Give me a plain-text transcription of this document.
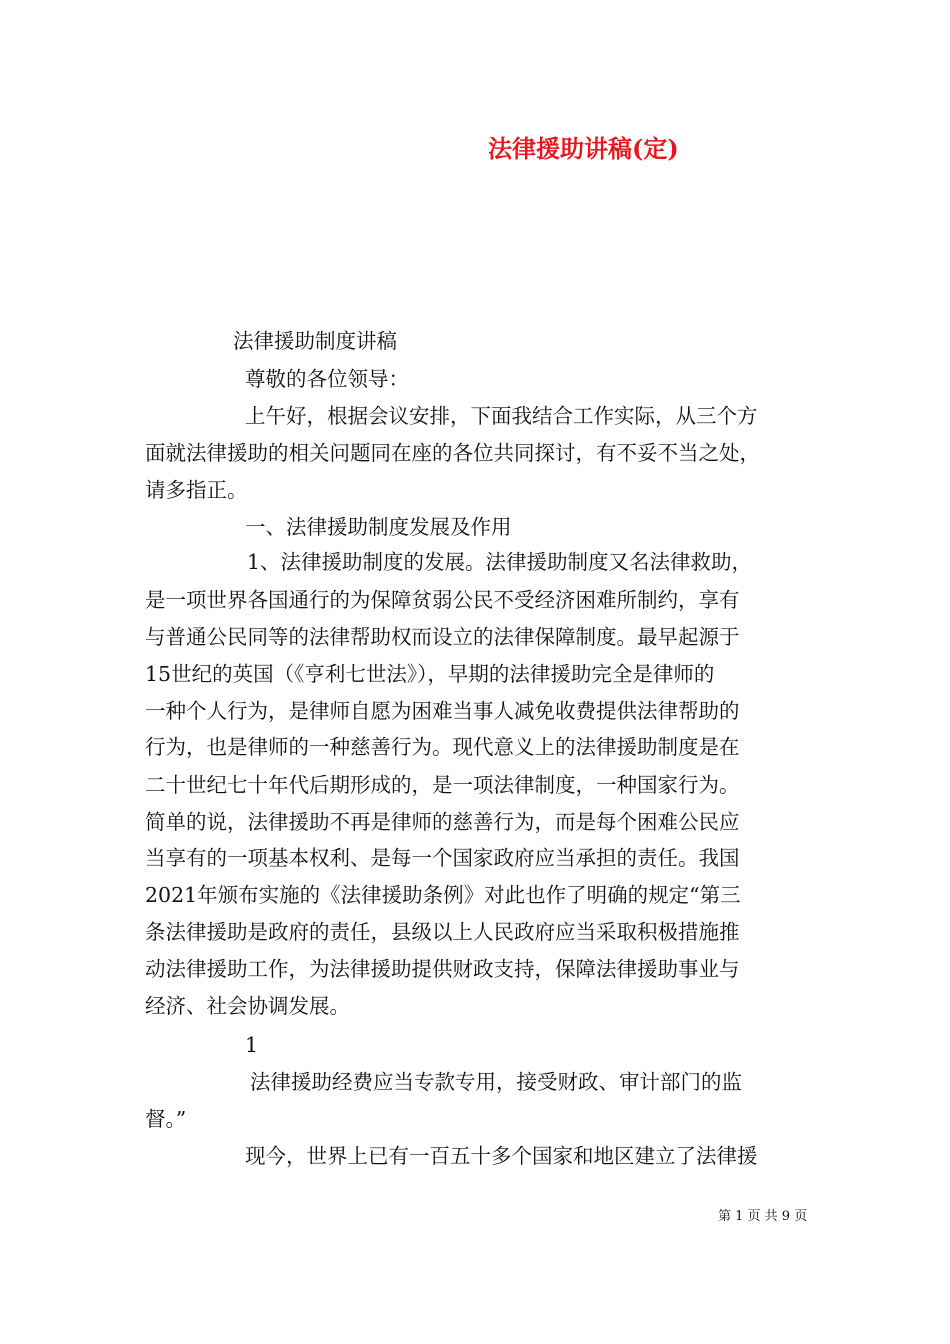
法律援助讲稿(定)
法律援助制度讲稿
尊敬的各位领导：
上午好，根据会议安排，下面我结合工作实际，从三个方
面就法律援助的相关问题同在座的各位共同探讨，有不妥不当之处，
请多指正。
一、法律援助制度发展及作用
1、法律援助制度的发展。法律援助制度又名法律救助，
是一项世界各国通行的为保障贫弱公民不受经济困难所制约，享有
与普通公民同等的法律帮助权而设立的法律保障制度。最早起源于
15世纪的英国（《亨利七世法》），早期的法律援助完全是律师的
一种个人行为，是律师自愿为困难当事人减免收费提供法律帮助的
行为，也是律师的一种慈善行为。现代意义上的法律援助制度是在
二十世纪七十年代后期形成的，是一项法律制度，一种国家行为。
简单的说，法律援助不再是律师的慈善行为，而是每个困难公民应
当享有的一项基本权利、是每一个国家政府应当承担的责任。我国
2021年颁布实施的《法律援助条例》对此也作了明确的规定“第三
条法律援助是政府的责任，县级以上人民政府应当采取积极措施推
动法律援助工作，为法律援助提供财政支持，保障法律援助事业与
经济、社会协调发展。
1
法律援助经费应当专款专用，接受财政、审计部门的监
督。”
现今，世界上已有一百五十多个国家和地区建立了法律援
第 1 页 共 9 页
